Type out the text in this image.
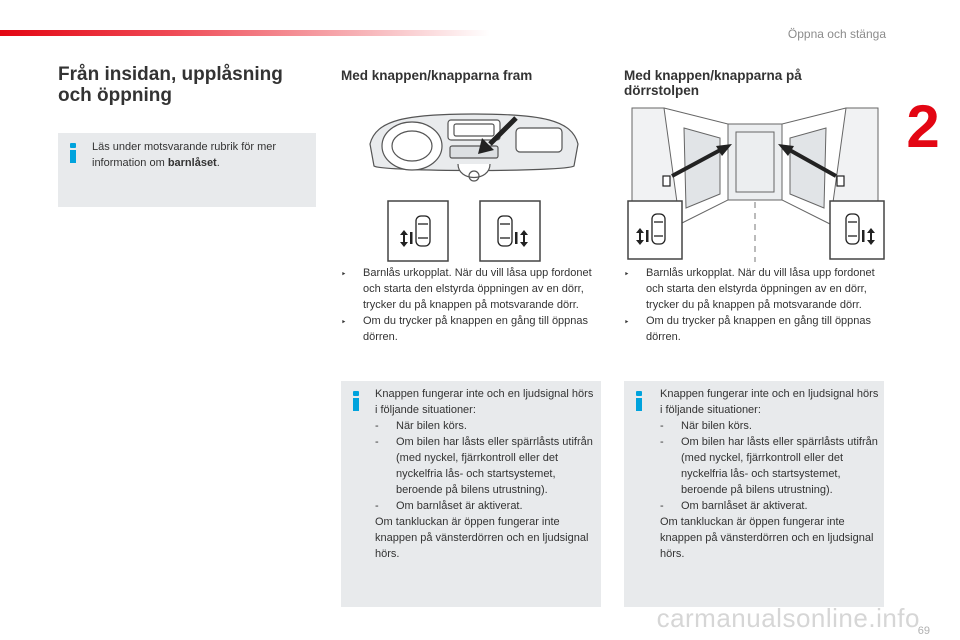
Öppna och stänga
2
Från insidan, upplåsning och öppning
Läs under motsvarande rubrik för mer information om barnlåset.
Med knappen/knapparna fram
‣	Barnlås urkopplat. När du vill låsa upp fordonet och starta den elstyrda öppningen av en dörr, trycker du på knappen på motsvarande dörr.
‣	Om du trycker på knappen en gång till öppnas dörren.
Knappen fungerar inte och en ljudsignal hörs i följande situationer:
-	När bilen körs.
-	Om bilen har låsts eller spärrlåsts utifrån (med nyckel, fjärrkontroll eller det nyckelfria lås- och startsystemet, beroende på bilens utrustning).
-	Om barnlåset är aktiverat.
Om tankluckan är öppen fungerar inte knappen på vänsterdörren och en ljudsignal hörs.
Med knappen/knapparna på dörrstolpen
‣	Barnlås urkopplat. När du vill låsa upp fordonet och starta den elstyrda öppningen av en dörr, trycker du på knappen på motsvarande dörr.
‣	Om du trycker på knappen en gång till öppnas dörren.
Knappen fungerar inte och en ljudsignal hörs i följande situationer:
-	När bilen körs.
-	Om bilen har låsts eller spärrlåsts utifrån (med nyckel, fjärrkontroll eller det nyckelfria lås- och startsystemet, beroende på bilens utrustning).
-	Om barnlåset är aktiverat.
Om tankluckan är öppen fungerar inte knappen på vänsterdörren och en ljudsignal hörs.
carmanualsonline.info
69
